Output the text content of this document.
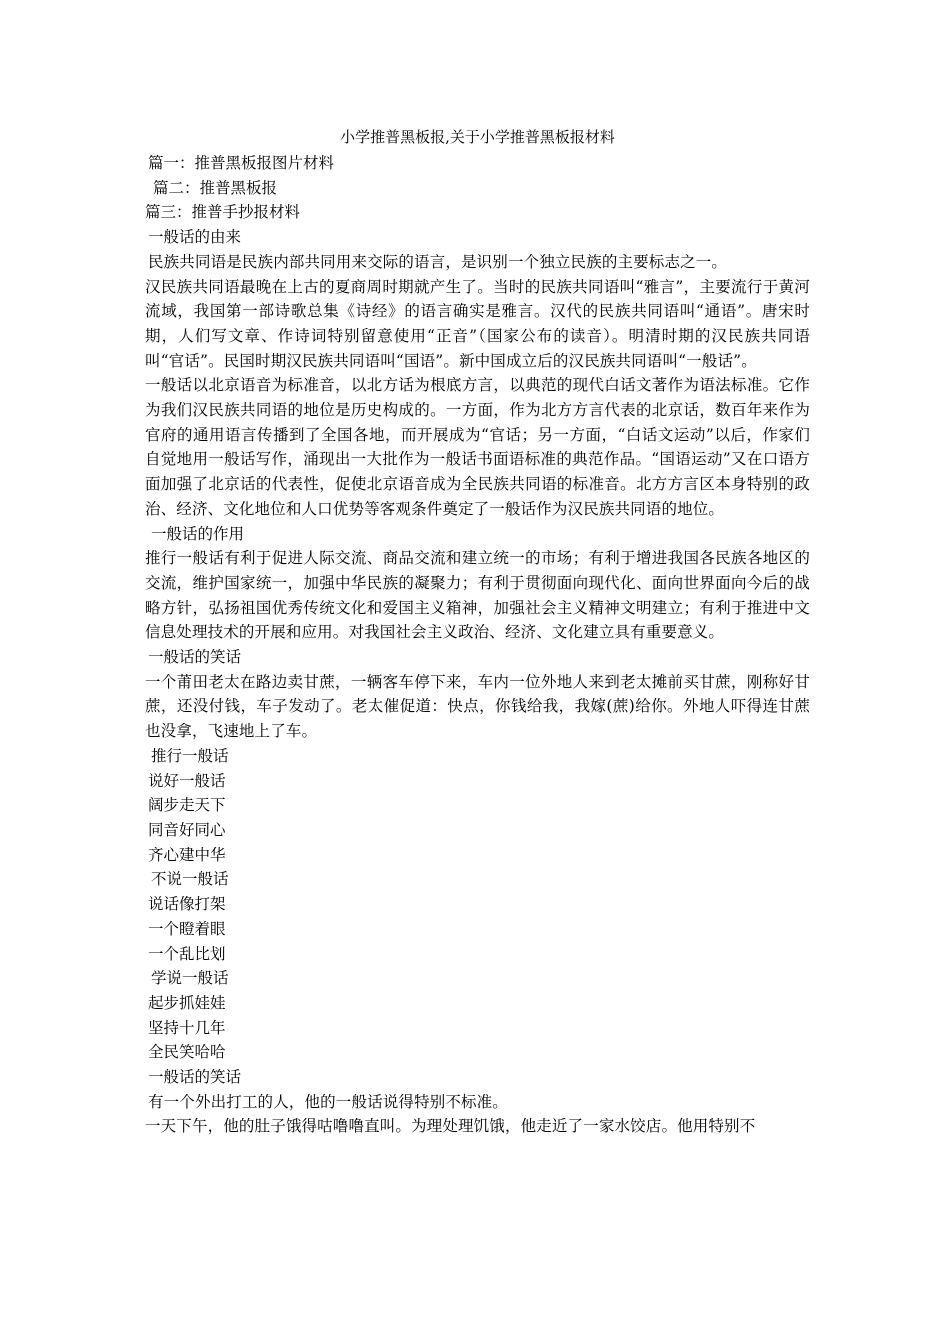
小学推普黑板报,关于小学推普黑板报材料
篇一：推普黑板报图片材料
篇二：推普黑板报
篇三：推普手抄报材料
一般话的由来
民族共同语是民族内部共同用来交际的语言，是识别一个独立民族的主要标志之一。
汉民族共同语最晚在上古的夏商周时期就产生了。当时的民族共同语叫“雅言”，主要流行于黄河流域，我国第一部诗歌总集《诗经》的语言确实是雅言。汉代的民族共同语叫“通语”。唐宋时期，人们写文章、作诗词特别留意使用“正音”（国家公布的读音）。明清时期的汉民族共同语叫“官话”。民国时期汉民族共同语叫“国语”。新中国成立后的汉民族共同语叫“一般话”。
一般话以北京语音为标准音，以北方话为根底方言，以典范的现代白话文著作为语法标准。它作为我们汉民族共同语的地位是历史构成的。一方面，作为北方方言代表的北京话，数百年来作为官府的通用语言传播到了全国各地，而开展成为“官话；另一方面，“白话文运动”以后，作家们自觉地用一般话写作，涌现出一大批作为一般话书面语标准的典范作品。“国语运动”又在口语方面加强了北京话的代表性，促使北京语音成为全民族共同语的标准音。北方方言区本身特别的政治、经济、文化地位和人口优势等客观条件奠定了一般话作为汉民族共同语的地位。
一般话的作用
推行一般话有利于促进人际交流、商品交流和建立统一的市场；有利于增进我国各民族各地区的交流，维护国家统一，加强中华民族的凝聚力；有利于贯彻面向现代化、面向世界面向今后的战略方针，弘扬祖国优秀传统文化和爱国主义箱神，加强社会主义精神文明建立；有利于推进中文信息处理技术的开展和应用。对我国社会主义政治、经济、文化建立具有重要意义。
一般话的笑话
一个莆田老太在路边卖甘蔗，一辆客车停下来，车内一位外地人来到老太摊前买甘蔗，刚称好甘蔗，还没付钱，车子发动了。老太催促道：快点，你钱给我，我嫁(蔗)给你。外地人吓得连甘蔗也没拿，飞速地上了车。
推行一般话
说好一般话
阔步走天下
同音好同心
齐心建中华
不说一般话
说话像打架
一个瞪着眼
一个乱比划
学说一般话
起步抓娃娃
坚持十几年
全民笑哈哈
一般话的笑话
有一个外出打工的人，他的一般话说得特别不标准。
一天下午，他的肚子饿得咕噜噜直叫。为理处理饥饿，他走近了一家水饺店。他用特别不
